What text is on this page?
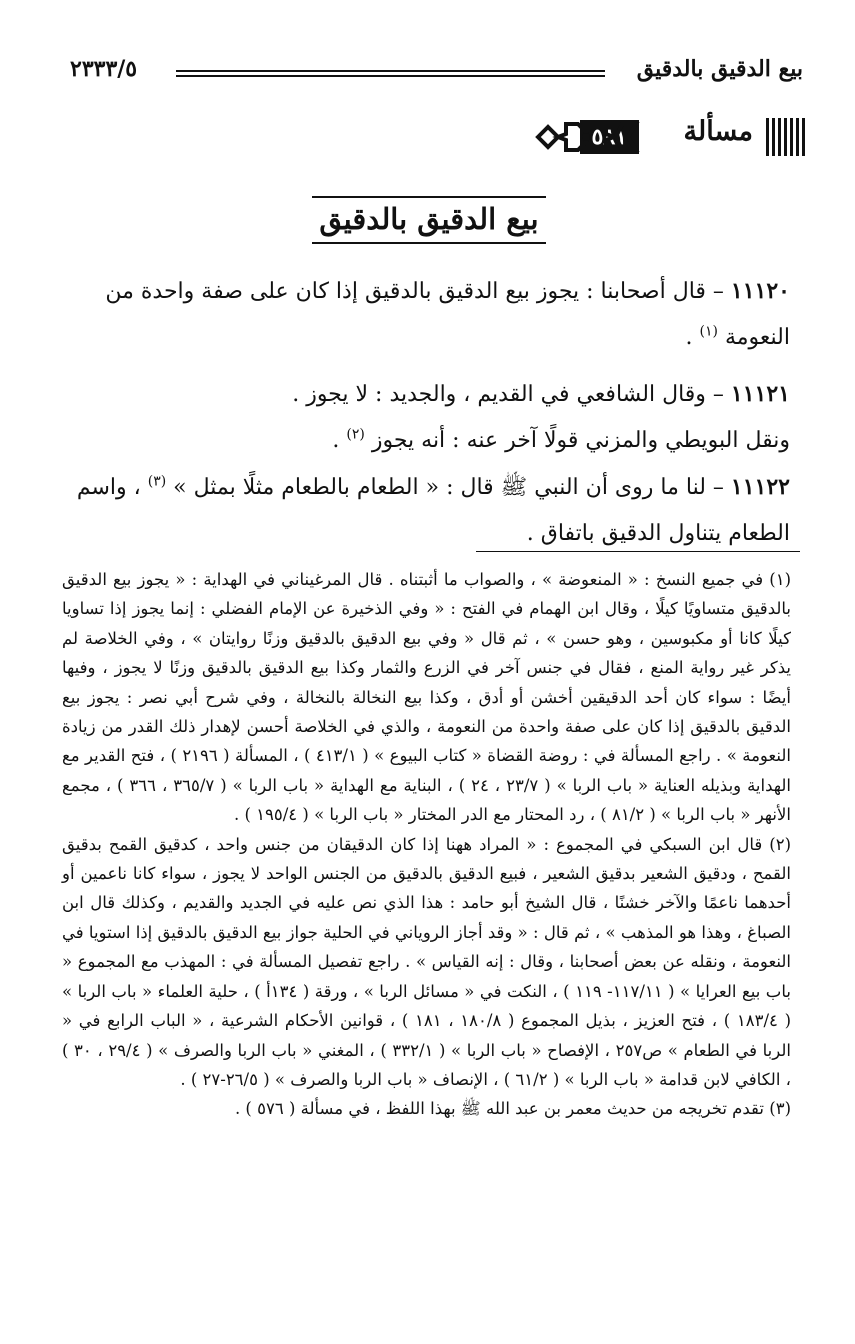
بيع الدقيق بالدقيق
٢٣٣٣/٥
مسألة
٥٨١
بيع الدقيق بالدقيق

١١١٢٠ – قال أصحابنا : يجوز بيع الدقيق بالدقيق إذا كان على صفة واحدة من النعومة $^{(١)}$ .

١١١٢١ – وقال الشافعي في القديم ، والجديد : لا يجوز .

ونقل البويطي والمزني قولًا آخر عنه : أنه يجوز $^{(٢)}$ .

١١١٢٢ – لنا ما روى أن النبي ﷺ قال : « الطعام بالطعام مثلًا بمثل » $^{(٣)}$ ، واسم الطعام يتناول الدقيق باتفاق .

(١) في جميع النسخ : « المنعوضة » ، والصواب ما أثبتناه . قال المرغيناني في الهداية : « يجوز بيع الدقيق بالدقيق متساويًا كيلًا ، وقال ابن الهمام في الفتح : « وفي الذخيرة عن الإمام الفضلي : إنما يجوز إذا تساويا كيلًا كانا أو مكبوسين ، وهو حسن » ، ثم قال « وفي بيع الدقيق بالدقيق وزنًا روايتان » ، وفي الخلاصة لم يذكر غير رواية المنع ، فقال في جنس آخر في الزرع والثمار وكذا بيع الدقيق بالدقيق وزنًا لا يجوز ، وفيها أيضًا : سواء كان أحد الدقيقين أخشن أو أدق ، وكذا بيع النخالة بالنخالة ، وفي شرح أبي نصر : يجوز بيع الدقيق بالدقيق إذا كان على صفة واحدة من النعومة ، والذي في الخلاصة أحسن لإهدار ذلك القدر من زيادة النعومة » . راجع المسألة في : روضة القضاة « كتاب البيوع » ( ٤١٣/١ ) ، المسألة ( ٢١٩٦ ) ، فتح القدير مع الهداية وبذيله العناية « باب الربا » ( ٢٣/٧ ، ٢٤ ) ، البناية مع الهداية « باب الربا » ( ٣٦٥/٧ ، ٣٦٦ ) ، مجمع الأنهر « باب الربا » ( ٨١/٢ ) ، رد المحتار مع الدر المختار « باب الربا » ( ١٩٥/٤ ) .

(٢) قال ابن السبكي في المجموع : « المراد ههنا إذا كان الدقيقان من جنس واحد ، كدقيق القمح بدقيق القمح ، ودقيق الشعير بدقيق الشعير ، فبيع الدقيق بالدقيق من الجنس الواحد لا يجوز ، سواء كانا ناعمين أو أحدهما ناعمًا والآخر خشنًا ، قال الشيخ أبو حامد : هذا الذي نص عليه في الجديد والقديم ، وكذلك قال ابن الصباغ ، وهذا هو المذهب » ، ثم قال : « وقد أجاز الروياني في الحلية جواز بيع الدقيق بالدقيق إذا استويا في النعومة ، ونقله عن بعض أصحابنا ، وقال : إنه القياس » . راجع تفصيل المسألة في : المهذب مع المجموع « باب بيع العرايا » ( ١١٧/١١- ١١٩ ) ، النكت في « مسائل الربا » ، ورقة ( ١٣٤أ ) ، حلية العلماء « باب الربا » ( ١٨٣/٤ ) ، فتح العزيز ، بذيل المجموع ( ١٨٠/٨ ، ١٨١ ) ، قوانين الأحكام الشرعية ، « الباب الرابع في « الربا في الطعام » ص٢٥٧ ، الإفصاح « باب الربا » ( ٣٣٢/١ ) ، المغني « باب الربا والصرف » ( ٢٩/٤ ، ٣٠ ) ، الكافي لابن قدامة « باب الربا » ( ٦١/٢ ) ، الإنصاف « باب الربا والصرف » ( ٢٦/٥-٢٧ ) .

(٣) تقدم تخريجه من حديث معمر بن عبد الله ﷺ بهذا اللفظ ، في مسألة ( ٥٧٦ ) .
